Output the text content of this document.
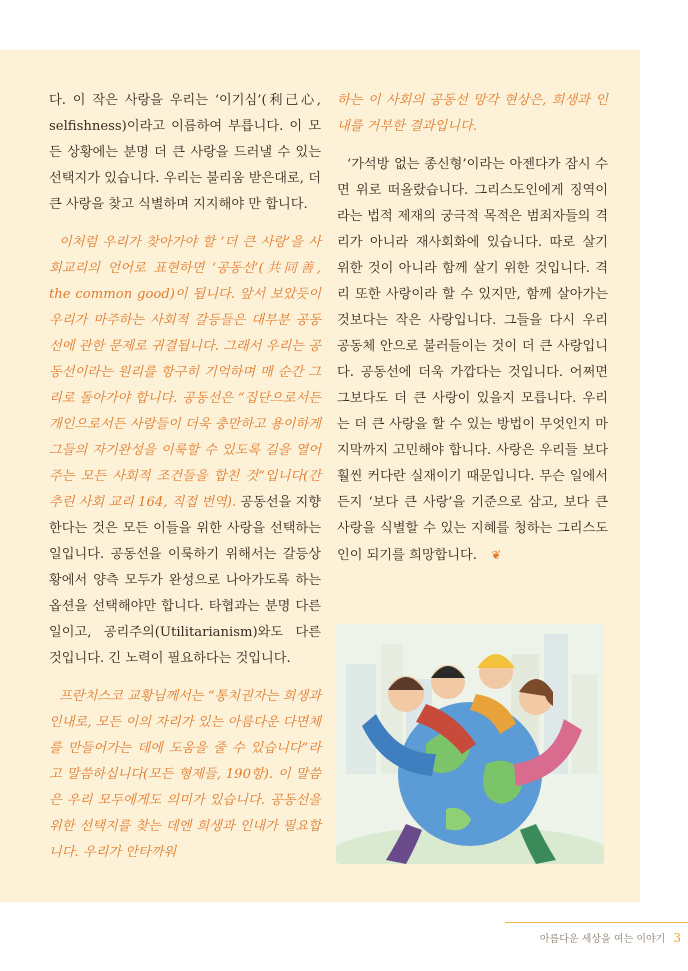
다. 이 작은 사랑을 우리는 ‘이기심’(利己心, selfishness)이라고 이름하여 부릅니다. 이 모든 상황에는 분명 더 큰 사랑을 드러낼 수 있는 선택지가 있습니다. 우리는 불리움 받은대로, 더 큰 사랑을 찾고 식별하며 지지해야 만 합니다.

이처럼 우리가 찾아가야 할 ‘더 큰 사랑’을 사회교리의 언어로 표현하면 ‘공동선’(共同善, the common good)이 됩니다. 앞서 보았듯이 우리가 마주하는 사회적 갈등들은 대부분 공동선에 관한 문제로 귀결됩니다. 그래서 우리는 공동선이라는 원리를 항구히 기억하며 매 순간 그리로 돌아가야 합니다. 공동선은 “집단으로서든 개인으로서든 사람들이 더욱 충만하고 용이하게 그들의 자기완성을 이룩할 수 있도록 길을 열어주는 모든 사회적 조건들을 합친 것”입니다(간추린 사회 교리 164, 직접 번역). 공동선을 지향한다는 것은 모든 이들을 위한 사랑을 선택하는 일입니다. 공동선을 이룩하기 위해서는 갈등상황에서 양측 모두가 완성으로 나아가도록 하는 옵션을 선택해야만 합니다. 타협과는 분명 다른 일이고, 공리주의(Utilitarianism)와도 다른 것입니다. 긴 노력이 필요하다는 것입니다.

프란치스코 교황님께서는 “통치권자는 희생과 인내로, 모든 이의 자리가 있는 아름다운 다면체를 만들어가는 데에 도움을 줄 수 있습니다”라고 말씀하십니다(모든 형제들, 190항). 이 말씀은 우리 모두에게도 의미가 있습니다. 공동선을 위한 선택지를 찾는 데엔 희생과 인내가 필요합니다. 우리가 안타까워

하는 이 사회의 공동선 망각 현상은, 희생과 인내를 거부한 결과입니다.

‘가석방 없는 종신형’이라는 아젠다가 잠시 수면 위로 떠올랐습니다. 그리스도인에게 징역이라는 법적 제재의 궁극적 목적은 범죄자들의 격리가 아니라 재사회화에 있습니다. 따로 살기 위한 것이 아니라 함께 살기 위한 것입니다. 격리 또한 사랑이라 할 수 있지만, 함께 살아가는 것보다는 작은 사랑입니다. 그들을 다시 우리 공동체 안으로 불러들이는 것이 더 큰 사랑입니다. 공동선에 더욱 가깝다는 것입니다. 어쩌면 그보다도 더 큰 사랑이 있을지 모릅니다. 우리는 더 큰 사랑을 할 수 있는 방법이 무엇인지 마지막까지 고민해야 합니다. 사랑은 우리들 보다 훨씬 커다란 실재이기 때문입니다. 무슨 일에서든지 ‘보다 큰 사랑’을 기준으로 삼고, 보다 큰 사랑을 식별할 수 있는 지혜를 청하는 그리스도인이 되기를 희망합니다. ❦

아름다운 세상을 여는 이야기 3
